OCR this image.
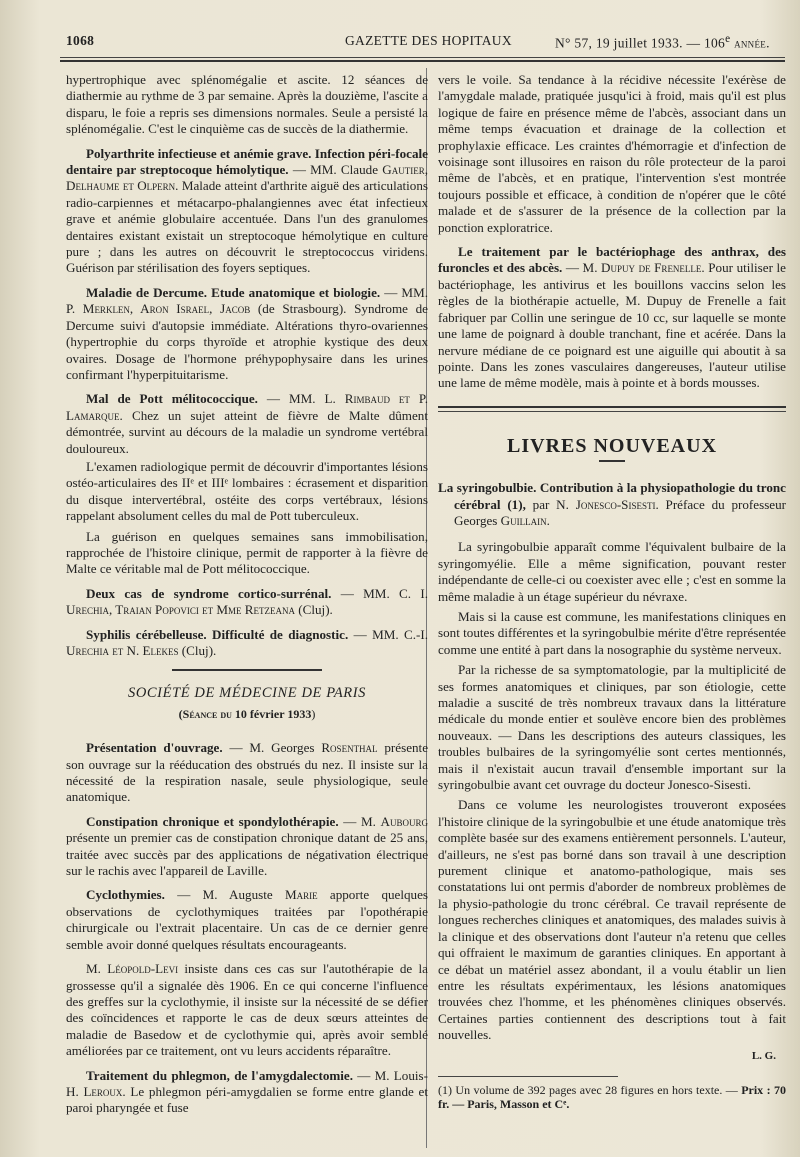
1068	GAZETTE DES HOPITAUX	N° 57, 19 juillet 1933. — 106e année.

hypertrophique avec splénomégalie et ascite. 12 séances de diathermie au rythme de 3 par semaine. Après la douzième, l'ascite a disparu, le foie a repris ses dimensions normales. Seule a persisté la splénomégalie. C'est le cinquième cas de succès de la diathermie.

Polyarthrite infectieuse et anémie grave. Infection péri-focale dentaire par streptocoque hémolytique. — MM. Claude Gautier, Delhaume et Olpern. Malade atteint d'arthrite aiguë des articulations radio-carpiennes et métacarpo-phalangiennes avec état infectieux grave et anémie globulaire accentuée. Dans l'un des granulomes dentaires existant existait un streptocoque hémolytique en culture pure ; dans les autres on découvrit le streptococcus viridens. Guérison par stérilisation des foyers septiques.

Maladie de Dercume. Etude anatomique et biologie. — MM. P. Merklen, Aron Israel, Jacob (de Strasbourg). Syndrome de Dercume suivi d'autopsie immédiate. Altérations thyro-ovariennes (hypertrophie du corps thyroïde et atrophie kystique des deux ovaires. Dosage de l'hormone préhypophysaire dans les urines confirmant l'hyperpituitarisme.

Mal de Pott mélitococcique. — MM. L. Rimbaud et P. Lamarque. Chez un sujet atteint de fièvre de Malte dûment démontrée, survint au décours de la maladie un syndrome vertébral douloureux.

L'examen radiologique permit de découvrir d'importantes lésions ostéo-articulaires des IIᵉ et IIIᵉ lombaires : écrasement et disparition du disque intervertébral, ostéite des corps vertébraux, lésions rappelant absolument celles du mal de Pott tuberculeux.

La guérison en quelques semaines sans immobilisation, rapprochée de l'histoire clinique, permit de rapporter à la fièvre de Malte ce véritable mal de Pott mélitococcique.

Deux cas de syndrome cortico-surrénal. — MM. C. I. Urechia, Traian Popovici et Mme Retzeana (Cluj).

Syphilis cérébelleuse. Difficulté de diagnostic. — MM. C.-I. Urechia et N. Elekes (Cluj).

SOCIÉTÉ DE MÉDECINE DE PARIS
(Séance du 10 février 1933)

Présentation d'ouvrage. — M. Georges Rosenthal présente son ouvrage sur la rééducation des obstrués du nez. Il insiste sur la nécessité de la respiration nasale, seule physiologique, seule anatomique.

Constipation chronique et spondylothérapie. — M. Aubourg présente un premier cas de constipation chronique datant de 25 ans, traitée avec succès par des applications de négativation électrique sur le rachis avec l'appareil de Laville.

Cyclothymies. — M. Auguste Marie apporte quelques observations de cyclothymiques traitées par l'opothérapie chirurgicale ou l'extrait placentaire. Un cas de ce dernier genre semble avoir donné quelques résultats encourageants.

M. Léopold-Levi insiste dans ces cas sur l'autothérapie de la grossesse qu'il a signalée dès 1906. En ce qui concerne l'influence des greffes sur la cyclothymie, il insiste sur la nécessité de se défier des coïncidences et rapporte le cas de deux sœurs atteintes de maladie de Basedow et de cyclothymie qui, après avoir semblé améliorées par ce traitement, ont vu leurs accidents réparaître.

Traitement du phlegmon, de l'amygdalectomie. — M. Louis-H. Leroux. Le phlegmon péri-amygdalien se forme entre glande et paroi pharyngée et fuse

vers le voile. Sa tendance à la récidive nécessite l'exérèse de l'amygdale malade, pratiquée jusqu'ici à froid, mais qu'il est plus logique de faire en présence même de l'abcès, associant dans un même temps évacuation et drainage de la collection et prophylaxie efficace. Les craintes d'hémorragie et d'infection de voisinage sont illusoires en raison du rôle protecteur de la paroi même de l'abcès, et en pratique, l'intervention s'est montrée toujours possible et efficace, à condition de n'opérer que le côté malade et de s'assurer de la présence de la collection par la ponction exploratrice.

Le traitement par le bactériophage des anthrax, des furoncles et des abcès. — M. Dupuy de Frenelle. Pour utiliser le bactériophage, les antivirus et les bouillons vaccins selon les règles de la biothérapie actuelle, M. Dupuy de Frenelle a fait fabriquer par Collin une seringue de 10 cc, sur laquelle se monte une lame de poignard à double tranchant, fine et acérée. Dans la nervure médiane de ce poignard est une aiguille qui aboutit à sa pointe. Dans les zones vasculaires dangereuses, l'auteur utilise une lame de même modèle, mais à pointe et à bords mousses.

LIVRES NOUVEAUX

La syringobulbie. Contribution à la physiopathologie du tronc cérébral (1), par N. Jonesco-Sisesti. Préface du professeur Georges Guillain.

La syringobulbie apparaît comme l'équivalent bulbaire de la syringomyélie. Elle a même signification, pouvant rester indépendante de celle-ci ou coexister avec elle ; c'est en somme la même maladie à un étage supérieur du névraxe.

Mais si la cause est commune, les manifestations cliniques en sont toutes différentes et la syringobulbie mérite d'être représentée comme une entité à part dans la nosographie du système nerveux.

Par la richesse de sa symptomatologie, par la multiplicité de ses formes anatomiques et cliniques, par son étiologie, cette maladie a suscité de très nombreux travaux dans la littérature médicale du monde entier et soulève encore bien des problèmes nouveaux. — Dans les descriptions des auteurs classiques, les troubles bulbaires de la syringomyélie sont certes mentionnés, mais il n'existait aucun travail d'ensemble important sur la syringobulbie avant cet ouvrage du docteur Jonesco-Sisesti.

Dans ce volume les neurologistes trouveront exposées l'histoire clinique de la syringobulbie et une étude anatomique très complète basée sur des examens entièrement personnels. L'auteur, d'ailleurs, ne s'est pas borné dans son travail à une description purement clinique et anatomo-pathologique, mais ses constatations lui ont permis d'aborder de nombreux problèmes de la physio-pathologie du tronc cérébral. Ce travail représente de longues recherches cliniques et anatomiques, des malades suivis à la clinique et des observations dont l'auteur n'a retenu que celles qui offraient le maximum de garanties cliniques. En apportant à ce débat un matériel assez abondant, il a voulu établir un lien entre les résultats expérimentaux, les lésions anatomiques trouvées chez l'homme, et les phénomènes cliniques observés. Certaines parties contiennent des descriptions tout à fait nouvelles.

L. G.

(1) Un volume de 392 pages avec 28 figures en hors texte. — Prix : 70 fr. — Paris, Masson et Cᵉ.
